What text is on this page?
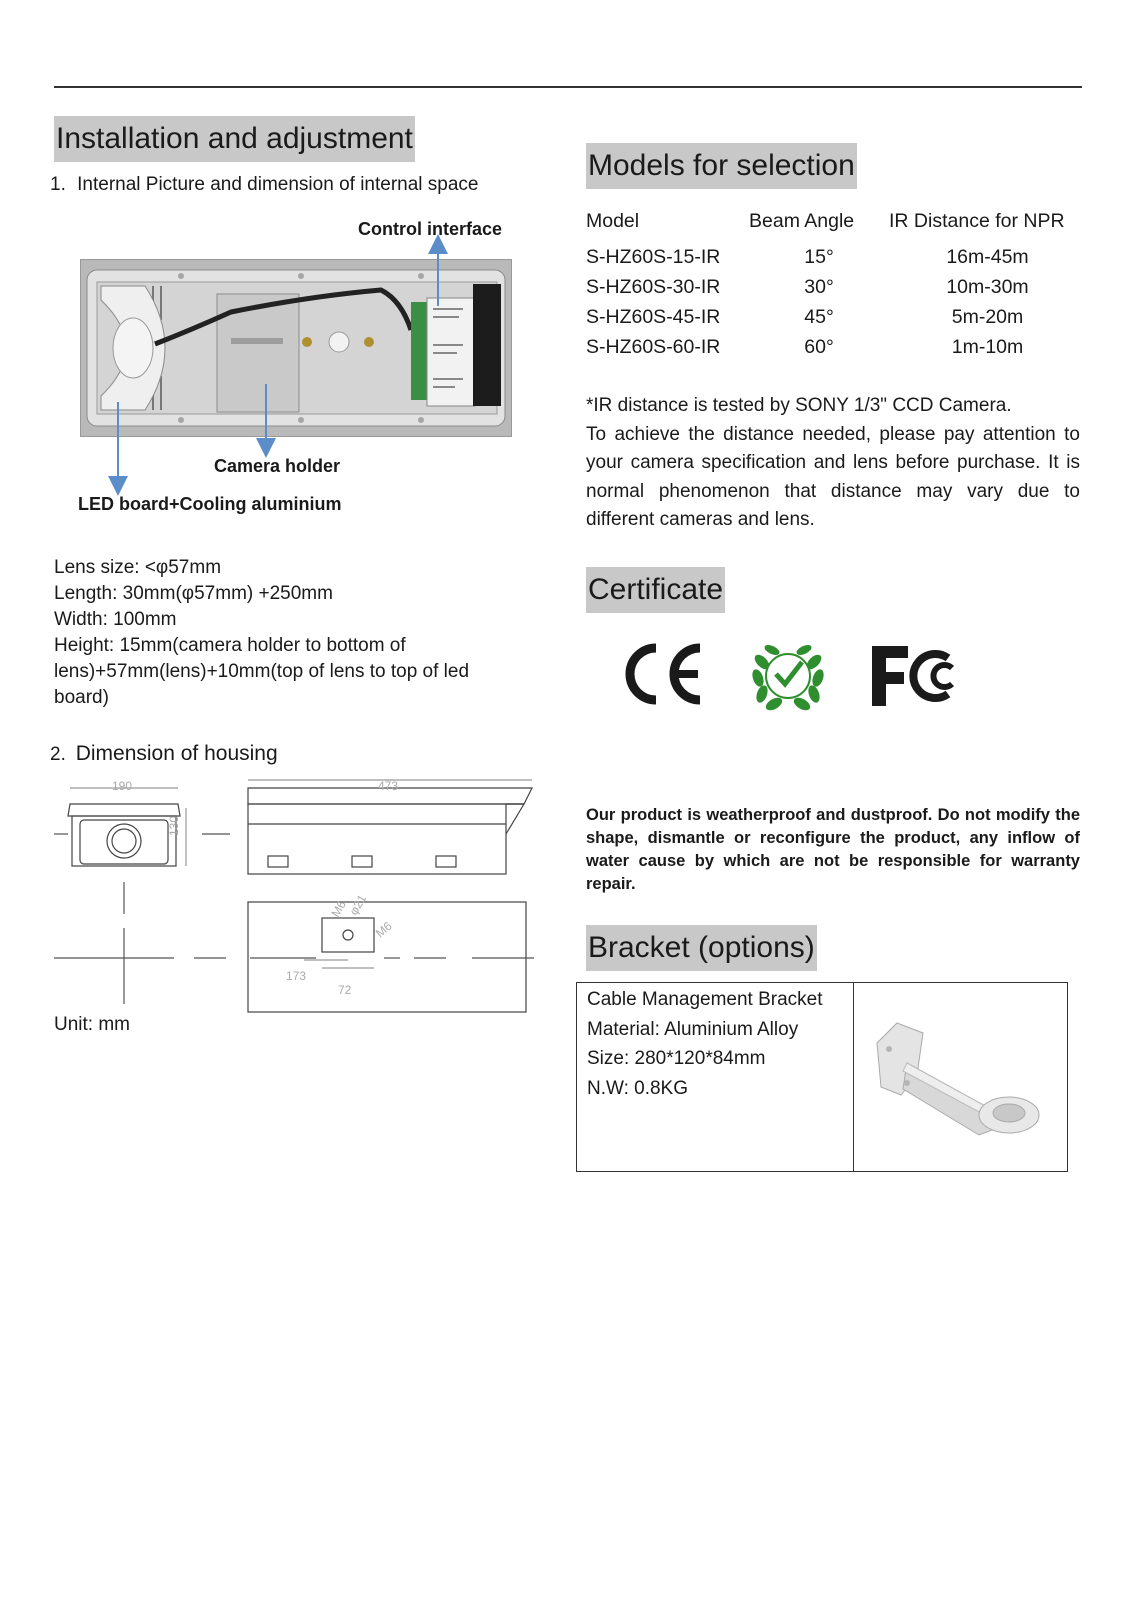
Installation and adjustment
1. Internal Picture and dimension of internal space
Control interface
Camera holder
LED board+Cooling aluminium
Lens size: <φ57mm
Length: 30mm(φ57mm) +250mm
Width: 100mm
Height: 15mm(camera holder to bottom of
lens)+57mm(lens)+10mm(top of lens to top of led
board)
2. Dimension of housing
190
130
473
173
72
φ21
M6
M6
Unit: mm
Models for selection
Model	Beam Angle	IR Distance for NPR
S-HZ60S-15-IR	15°	16m-45m
S-HZ60S-30-IR	30°	10m-30m
S-HZ60S-45-IR	45°	5m-20m
S-HZ60S-60-IR	60°	1m-10m
*IR distance is tested by SONY 1/3" CCD Camera.
To achieve the distance needed, please pay attention to your camera specification and lens before purchase. It is normal phenomenon that distance may vary due to different cameras and lens.
Certificate
Our product is weatherproof and dustproof. Do not modify the shape, dismantle or reconfigure the product, any inflow of water cause by which are not be responsible for warranty repair.
Bracket (options)
Cable Management Bracket
Material: Aluminium Alloy
Size: 280*120*84mm
N.W: 0.8KG
